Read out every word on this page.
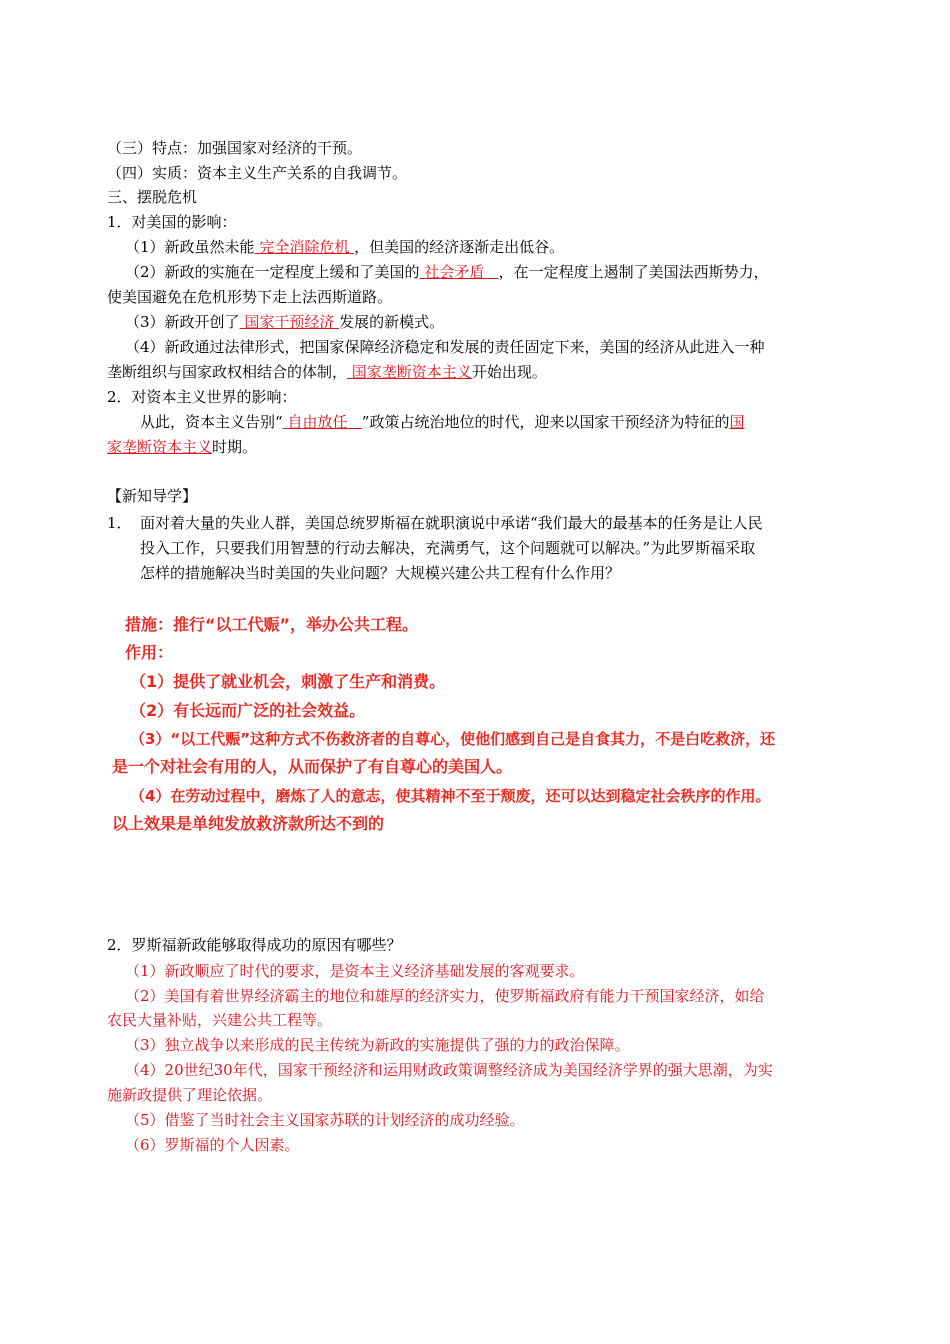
（三）特点：加强国家对经济的干预。
（四）实质：资本主义生产关系的自我调节。
三、摆脱危机
1．对美国的影响：
（1）新政虽然未能 完全消除危机 ，但美国的经济逐渐走出低谷。
（2）新政的实施在一定程度上缓和了美国的 社会矛盾 ，在一定程度上遏制了美国法西斯势力，
使美国避免在危机形势下走上法西斯道路。
（3）新政开创了 国家干预经济 发展的新模式。
（4）新政通过法律形式，把国家保障经济稳定和发展的责任固定下来，美国的经济从此进入一种
垄断组织与国家政权相结合的体制， 国家垄断资本主义开始出现。
2．对资本主义世界的影响：
从此，资本主义告别“ 自由放任 ”政策占统治地位的时代，迎来以国家干预经济为特征的国
家垄断资本主义时期。
【新知导学】
1． 面对着大量的失业人群，美国总统罗斯福在就职演说中承诺“我们最大的最基本的任务是让人民
投入工作，只要我们用智慧的行动去解决，充满勇气，这个问题就可以解决。”为此罗斯福采取
怎样的措施解决当时美国的失业问题？大规模兴建公共工程有什么作用？
措施：推行“以工代赈”，举办公共工程。
作用：
（1）提供了就业机会，刺激了生产和消费。
（2）有长远而广泛的社会效益。
（3）“以工代赈”这种方式不伤救济者的自尊心，使他们感到自己是自食其力，不是白吃救济，还
是一个对社会有用的人，从而保护了有自尊心的美国人。
（4）在劳动过程中，磨炼了人的意志，使其精神不至于颓废，还可以达到稳定社会秩序的作用。
以上效果是单纯发放救济款所达不到的
2．罗斯福新政能够取得成功的原因有哪些？
（1）新政顺应了时代的要求，是资本主义经济基础发展的客观要求。
（2）美国有着世界经济霸主的地位和雄厚的经济实力，使罗斯福政府有能力干预国家经济，如给
农民大量补贴，兴建公共工程等。
（3）独立战争以来形成的民主传统为新政的实施提供了强的力的政治保障。
（4）20世纪30年代，国家干预经济和运用财政政策调整经济成为美国经济学界的强大思潮，为实
施新政提供了理论依据。
（5）借鉴了当时社会主义国家苏联的计划经济的成功经验。
（6）罗斯福的个人因素。
